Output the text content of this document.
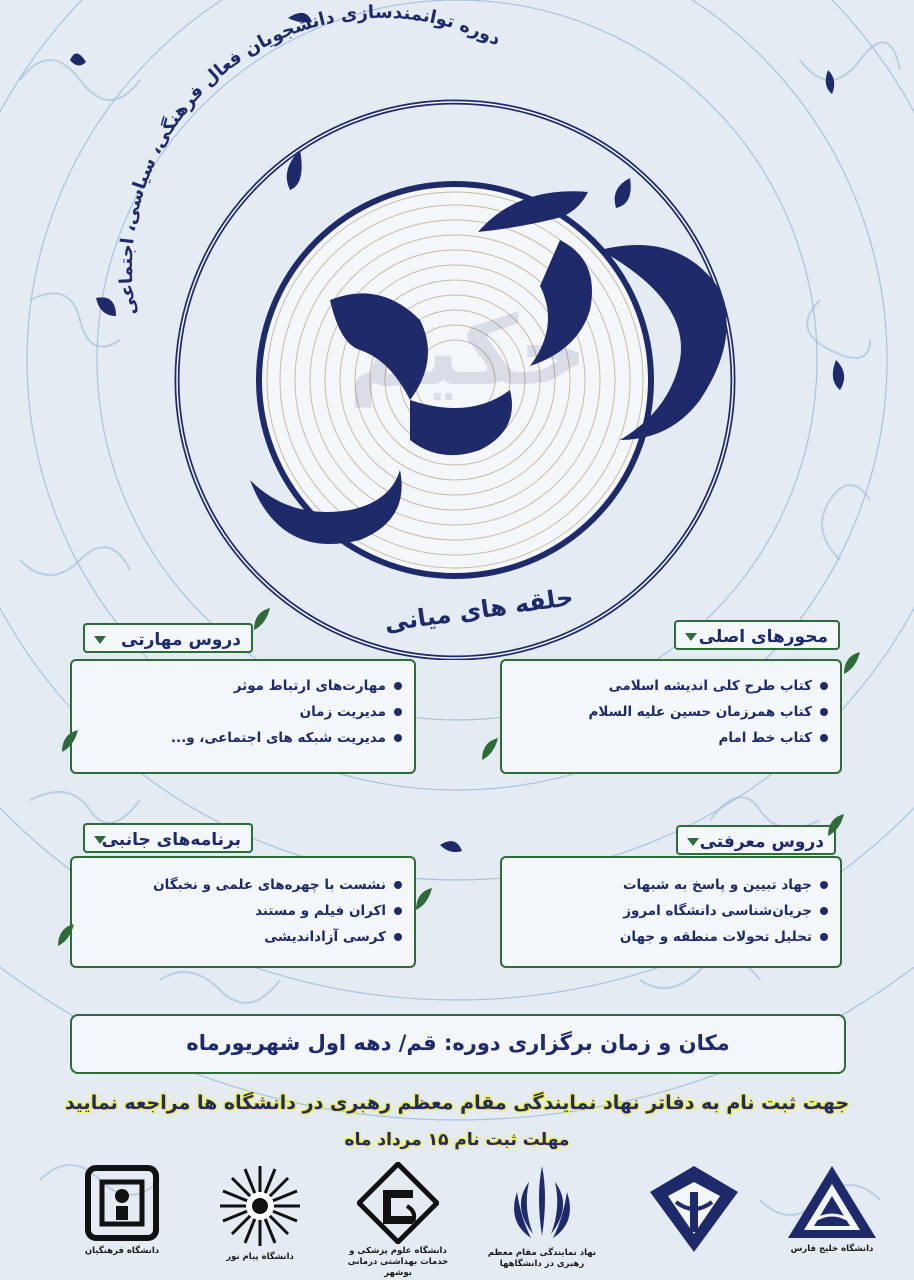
دوره توانمندسازی دانشجویان فعال فرهنگی، سیاسی، اجتماعی
حکیم
حلقه های میانی
کتاب طرح کلی اندیشه اسلامی
کتاب همرزمان حسین علیه السلام
کتاب خط امام
محورهای اصلی
مهارت‌های ارتباط موثر
مدیریت زمان
مدیریت شبکه های اجتماعی، و...
دروس مهارتی
جهاد تبیین و پاسخ به شبهات
جریان‌شناسی دانشگاه امروز
تحلیل تحولات منطقه و جهان
دروس معرفتی
نشست با چهره‌های علمی و نخبگان
اکران فیلم و مستند
کرسی آزاداندیشی
برنامه‌های جانبی
مکان و زمان برگزاری دوره: قم/ دهه اول شهریورماه
جهت ثبت نام به دفاتر نهاد نمایندگی مقام معظم رهبری در دانشگاه ها مراجعه نمایید
مهلت ثبت نام ۱۵ مرداد ماه
دانشگاه خلیج فارس
نهاد نمایندگی مقام معظم رهبری در دانشگاهها
دانشگاه علوم پزشکی و خدمات بهداشتی درمانی بوشهر
دانشگاه پیام نور
دانشگاه فرهنگیان
